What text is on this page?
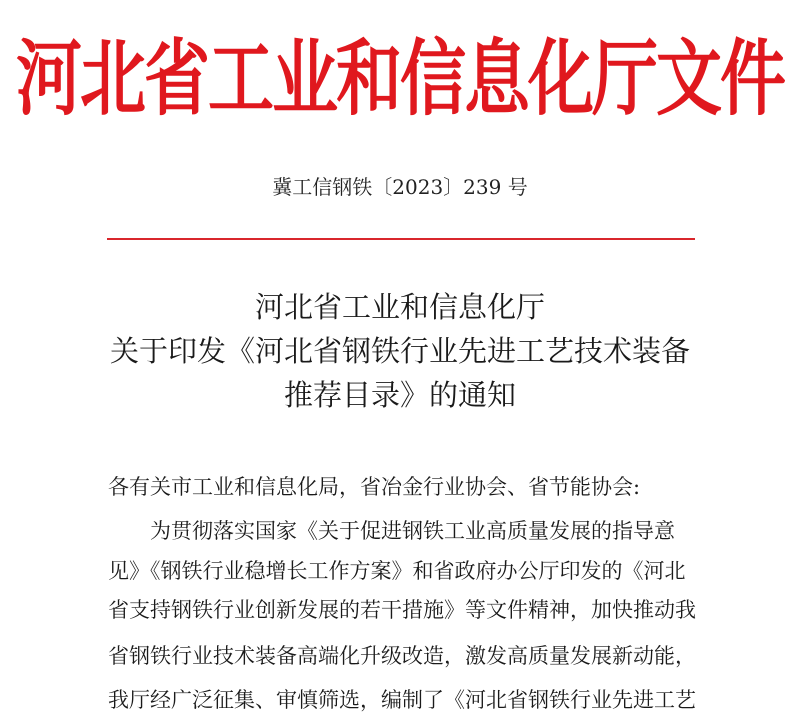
河北省工业和信息化厅文件
冀工信钢铁〔2023〕239 号
河北省工业和信息化厅
关于印发《河北省钢铁行业先进工艺技术装备
推荐目录》的通知
各有关市工业和信息化局，省冶金行业协会、省节能协会:
为贯彻落实国家《关于促进钢铁工业高质量发展的指导意
见》《钢铁行业稳增长工作方案》和省政府办公厅印发的《河北
省支持钢铁行业创新发展的若干措施》等文件精神，加快推动我
省钢铁行业技术装备高端化升级改造，激发高质量发展新动能，
我厅经广泛征集、审慎筛选，编制了《河北省钢铁行业先进工艺
